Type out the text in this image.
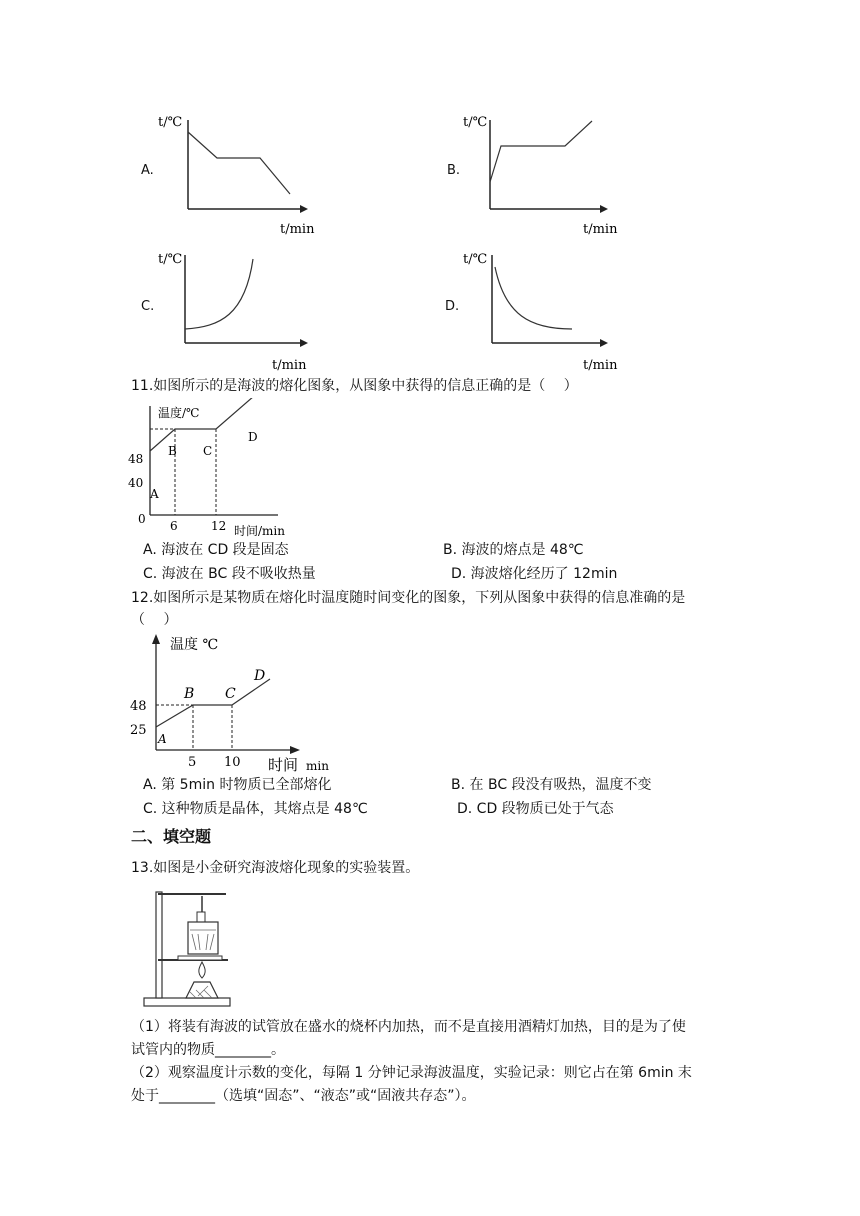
A.
t/℃
t/min
B.
t/℃
t/min
C.
t/℃
t/min
D.
t/℃
t/min
11.如图所示的是海波的熔化图象，从图象中获得的信息正确的是（　 ）
温度/℃
48
40
0
A
B C
D
6	12 时间/min
A. 海波在 CD 段是固态	B. 海波的熔点是 48℃
C. 海波在 BC 段不吸收热量	D. 海波熔化经历了 12min
12.如图所示是某物质在熔化时温度随时间变化的图象，下列从图象中获得的信息准确的是
（　 ）
温度 ℃
48
25
A
B C
D
5 10 时间 min
A. 第 5min 时物质已全部熔化	B. 在 BC 段没有吸热，温度不变
C. 这种物质是晶体，其熔点是 48℃	D. CD 段物质已处于气态
二、填空题
13.如图是小金研究海波熔化现象的实验装置。
（1）将装有海波的试管放在盛水的烧杯内加热，而不是直接用酒精灯加热，目的是为了使
试管内的物质________。
（2）观察温度计示数的变化，每隔 1 分钟记录海波温度，实验记录：则它占在第 6min 末
处于________（选填“固态”、“液态”或“固液共存态”）。
